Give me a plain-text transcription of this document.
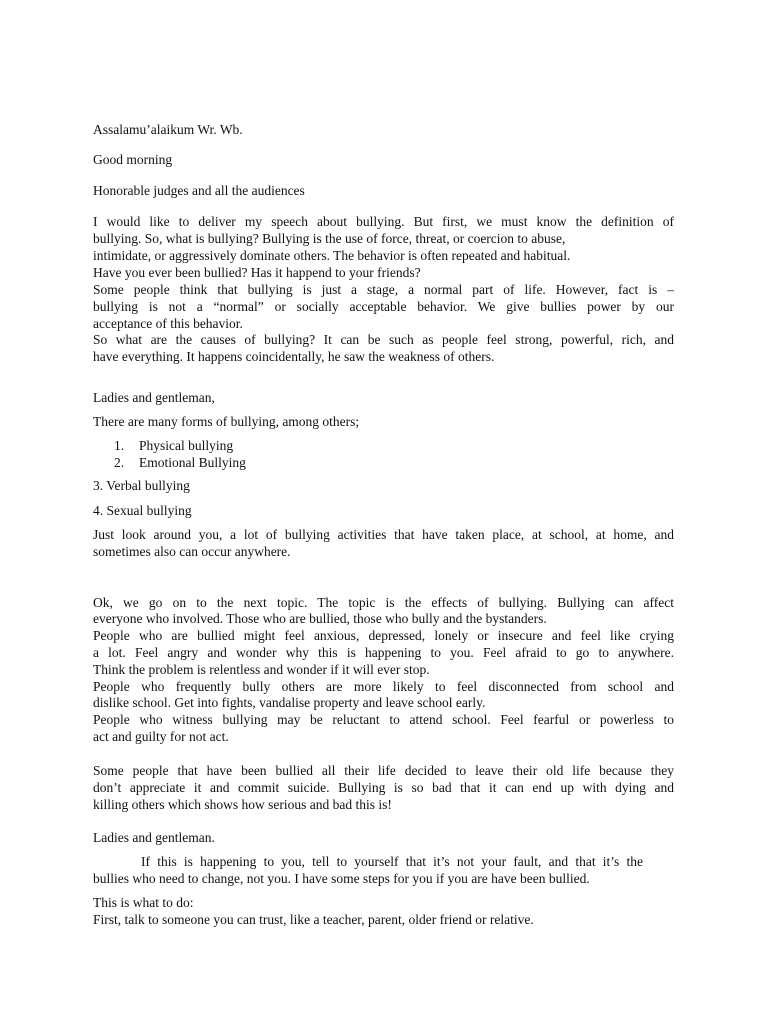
Assalamu’alaikum Wr. Wb.
Good morning
Honorable judges and all the audiences
I would like to deliver my speech about bullying. But first, we must know the definition of
bullying. So, what is bullying? Bullying is the use of force, threat, or coercion to abuse,
intimidate, or aggressively dominate others. The behavior is often repeated and habitual.
Have you ever been bullied? Has it happend to your friends?
Some people think that bullying is just a stage, a normal part of life. However, fact is –
bullying is not a “normal” or socially acceptable behavior. We give bullies power by our
acceptance of this behavior.
So what are the causes of bullying? It can be such as people feel strong, powerful, rich, and
have everything. It happens coincidentally, he saw the weakness of others.
Ladies and gentleman,
There are many forms of bullying, among others;
1. Physical bullying
2. Emotional Bullying
3. Verbal bullying
4. Sexual bullying
Just look around you, a lot of bullying activities that have taken place, at school, at home, and
sometimes also can occur anywhere.
Ok, we go on to the next topic. The topic is the effects of bullying. Bullying can affect
everyone who involved. Those who are bullied, those who bully and the bystanders.
People who are bullied might feel anxious, depressed, lonely or insecure and feel like crying
a lot. Feel angry and wonder why this is happening to you. Feel afraid to go to anywhere.
Think the problem is relentless and wonder if it will ever stop.
People who frequently bully others are more likely to feel disconnected from school and
dislike school. Get into fights, vandalise property and leave school early.
People who witness bullying may be reluctant to attend school. Feel fearful or powerless to
act and guilty for not act.
Some people that have been bullied all their life decided to leave their old life because they
don’t appreciate it and commit suicide. Bullying is so bad that it can end up with dying and
killing others which shows how serious and bad this is!
Ladies and gentleman.
If this is happening to you, tell to yourself that it’s not your fault, and that it’s the
bullies who need to change, not you. I have some steps for you if you are have been bullied.
This is what to do:
First, talk to someone you can trust, like a teacher, parent, older friend or relative.
